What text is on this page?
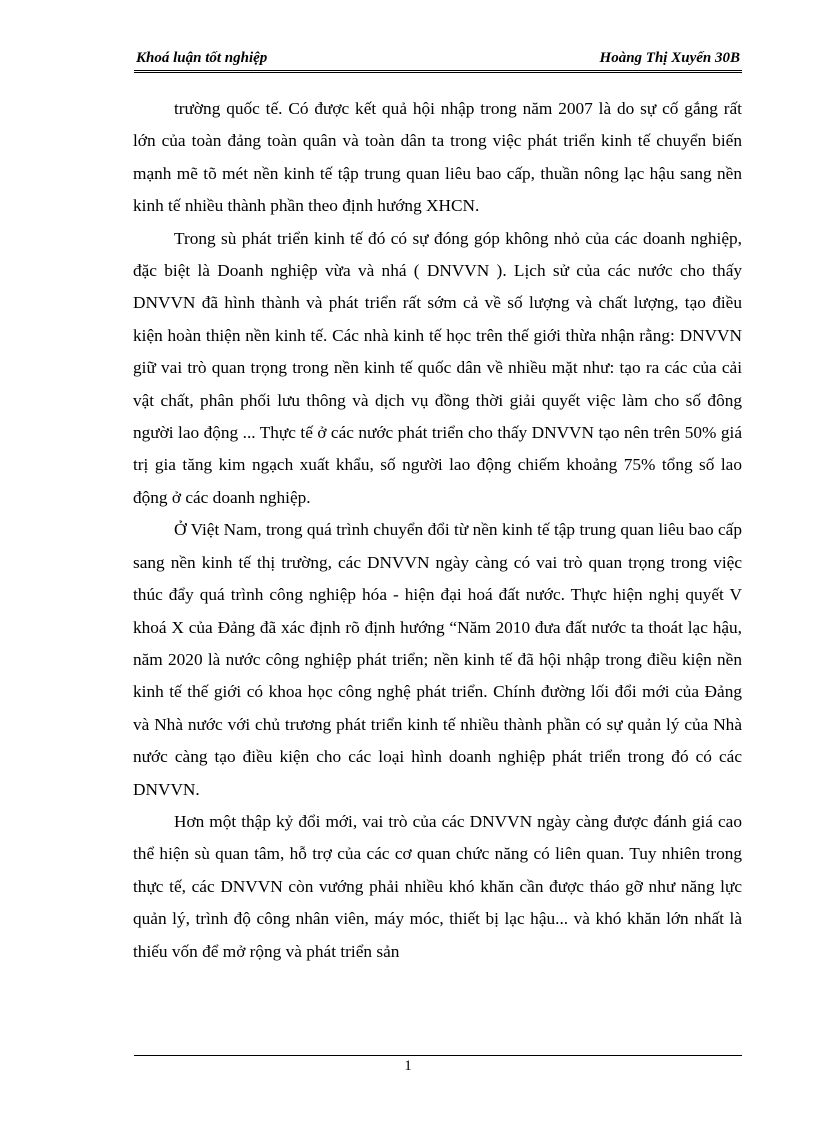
Khoá luận tốt nghiệp	Hoàng Thị Xuyến 30B

trường quốc tế. Có được kết quả hội nhập trong năm 2007 là do sự cố gắng rất lớn của toàn đảng toàn quân và toàn dân ta trong việc phát triển kinh tế chuyển biến mạnh mẽ tõ mét nền kinh tế tập trung quan liêu bao cấp, thuần nông lạc hậu sang nền kinh tế nhiều thành phần theo định hướng XHCN.

Trong sù phát triển kinh tế đó có sự đóng góp không nhỏ của các doanh nghiệp, đặc biệt là Doanh nghiệp vừa và nhá ( DNVVN ). Lịch sử của các nước cho thấy DNVVN đã hình thành và phát triển rất sớm cả về số lượng và chất lượng, tạo điều kiện hoàn thiện nền kinh tế. Các nhà kinh tế học trên thế giới thừa nhận rằng: DNVVN giữ vai trò quan trọng trong nền kinh tế quốc dân về nhiều mặt như: tạo ra các của cải vật chất, phân phối lưu thông và dịch vụ đồng thời giải quyết việc làm cho số đông người lao động ... Thực tế ở các nước phát triển cho thấy DNVVN tạo nên trên 50% giá trị gia tăng kim ngạch xuất khẩu, số người lao động chiếm khoảng 75% tổng số lao động ở các doanh nghiệp.

Ở Việt Nam, trong quá trình chuyển đổi từ nền kinh tế tập trung quan liêu bao cấp sang nền kinh tế thị trường, các DNVVN ngày càng có vai trò quan trọng trong việc thúc đẩy quá trình công nghiệp hóa - hiện đại hoá đất nước. Thực hiện nghị quyết V khoá X của Đảng đã xác định rõ định hướng “Năm 2010 đưa đất nước ta thoát lạc hậu, năm 2020 là nước công nghiệp phát triển; nền kinh tế đã hội nhập trong điều kiện nền kinh tế thế giới có khoa học công nghệ phát triển. Chính đường lối đổi mới của Đảng và Nhà nước với chủ trương phát triển kinh tế nhiều thành phần có sự quản lý của Nhà nước càng tạo điều kiện cho các loại hình doanh nghiệp phát triển trong đó có các DNVVN.

Hơn một thập kỷ đổi mới, vai trò của các DNVVN ngày càng được đánh giá cao thể hiện sù quan tâm, hỗ trợ của các cơ quan chức năng có liên quan. Tuy nhiên trong thực tế, các DNVVN còn vướng phải nhiều khó khăn cần được tháo gỡ như năng lực quản lý, trình độ công nhân viên, máy móc, thiết bị lạc hậu... và khó khăn lớn nhất là thiếu vốn để mở rộng và phát triển sản

1
